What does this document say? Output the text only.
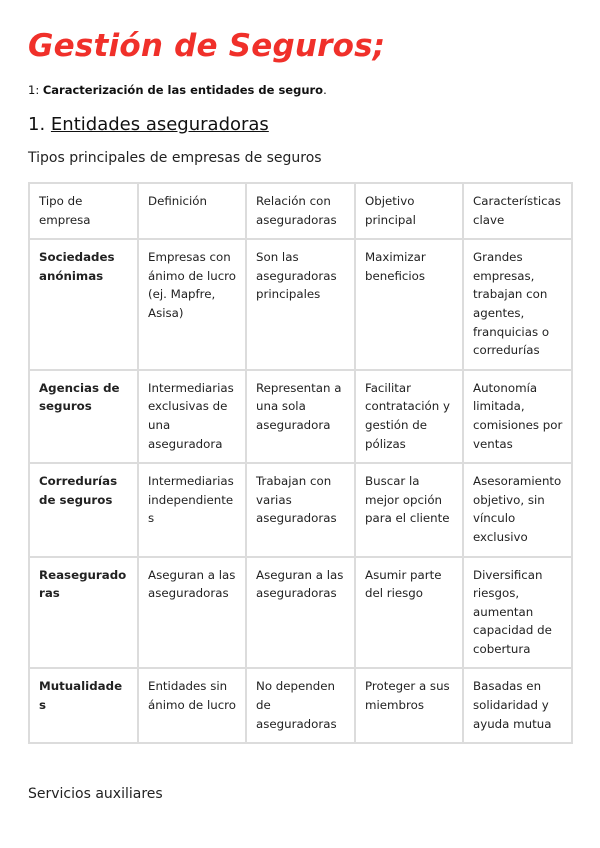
Gestión de Seguros;

1: Caracterización de las entidades de seguro.

1. Entidades aseguradoras

Tipos principales de empresas de seguros

Tipo de empresa	Definición	Relación con aseguradoras	Objetivo principal	Características clave
Sociedades anónimas	Empresas con ánimo de lucro (ej. Mapfre, Asisa)	Son las aseguradoras principales	Maximizar beneficios	Grandes empresas, trabajan con agentes, franquicias o corredurías
Agencias de seguros	Intermediarias exclusivas de una aseguradora	Representan a una sola aseguradora	Facilitar contratación y gestión de pólizas	Autonomía limitada, comisiones por ventas
Corredurías de seguros	Intermediarias independientes	Trabajan con varias aseguradoras	Buscar la mejor opción para el cliente	Asesoramiento objetivo, sin vínculo exclusivo
Reaseguradoras	Aseguran a las aseguradoras	Aseguran a las aseguradoras	Asumir parte del riesgo	Diversifican riesgos, aumentan capacidad de cobertura
Mutualidades	Entidades sin ánimo de lucro	No dependen de aseguradoras	Proteger a sus miembros	Basadas en solidaridad y ayuda mutua

Servicios auxiliares
